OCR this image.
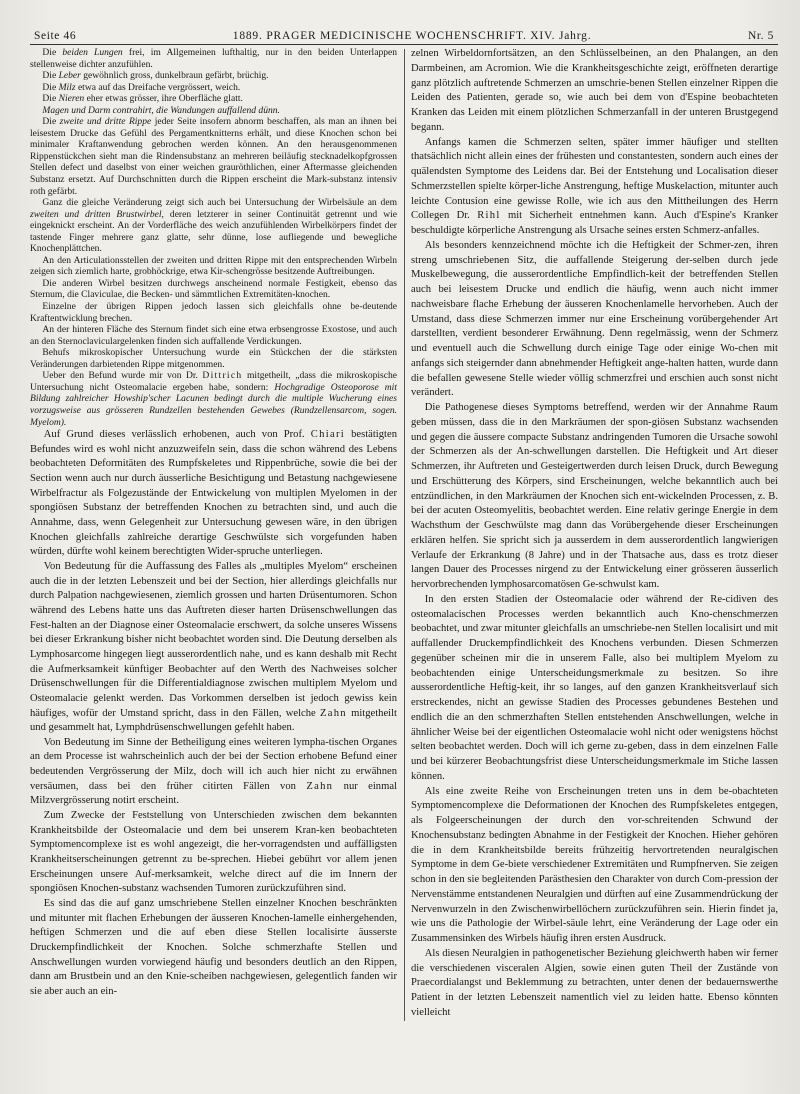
Seite 46	1889. PRAGER MEDICINISCHE WOCHENSCHRIFT. XIV. Jahrg.	Nr. 5

Die beiden Lungen frei, im Allgemeinen lufthaltig, nur in den beiden Unterlappen stellenweise dichter anzufühlen.

Die Leber gewöhnlich gross, dunkelbraun gefärbt, brüchig.

Die Milz etwa auf das Dreifache vergrössert, weich.

Die Nieren eher etwas grösser, ihre Oberfläche glatt.

Magen und Darm contrahirt, die Wandungen auffallend dünn.

Die zweite und dritte Rippe jeder Seite insofern abnorm beschaffen, als man an ihnen bei leisestem Drucke das Gefühl des Pergamentknitterns erhält, und diese Knochen schon bei minimaler Kraftanwendung gebrochen werden können. An den herausgenommenen Rippenstückchen sieht man die Rindensubstanz an mehreren beiläufig stecknadelkopfgrossen Stellen defect und daselbst von einer weichen grauröthlichen, einer Aftermasse gleichenden Substanz ersetzt. Auf Durchschnitten durch die Rippen erscheint die Mark-substanz intensiv roth gefärbt.

Ganz die gleiche Veränderung zeigt sich auch bei Untersuchung der Wirbelsäule an dem zweiten und dritten Brustwirbel, deren letzterer in seiner Continuität getrennt und wie eingeknickt erscheint. An der Vorderfläche des weich anzufühlenden Wirbelkörpers findet der tastende Finger mehrere ganz glatte, sehr dünne, lose aufliegende und bewegliche Knochenplättchen.

An den Articulationsstellen der zweiten und dritten Rippe mit den entsprechenden Wirbeln zeigen sich ziemlich harte, grobhöckrige, etwa Kir-schengrösse besitzende Auftreibungen.

Die anderen Wirbel besitzen durchwegs anscheinend normale Festigkeit, ebenso das Sternum, die Claviculae, die Becken- und sämmtlichen Extremitäten-knochen.

Einzelne der übrigen Rippen jedoch lassen sich gleichfalls ohne be-deutende Kraftentwicklung brechen.

An der hinteren Fläche des Sternum findet sich eine etwa erbsengrosse Exostose, und auch an den Sternoclaviculargelenken finden sich auffallende Verdickungen.

Behufs mikroskopischer Untersuchung wurde ein Stückchen der die stärksten Veränderungen darbietenden Rippe mitgenommen.

Ueber den Befund wurde mir von Dr. Dittrich mitgetheilt, „dass die mikroskopische Untersuchung nicht Osteomalacie ergeben habe, sondern: Hochgradige Osteoporose mit Bildung zahlreicher Howship'scher Lacunen bedingt durch die multiple Wucherung eines vorzugsweise aus grösseren Rundzellen bestehenden Gewebes (Rundzellensarcom, sogen. Myelom).

Auf Grund dieses verlässlich erhobenen, auch von Prof. Chiari bestätigten Befundes wird es wohl nicht anzuzweifeln sein, dass die schon während des Lebens beobachteten Deformitäten des Rumpfskeletes und Rippenbrüche, sowie die bei der Section wenn auch nur durch äusserliche Besichtigung und Betastung nachgewiesene Wirbelfractur als Folgezustände der Entwickelung von multiplen Myelomen in der spongiösen Substanz der betreffenden Knochen zu betrachten sind, und auch die Annahme, dass, wenn Gelegenheit zur Untersuchung gewesen wäre, in den übrigen Knochen gleichfalls zahlreiche derartige Geschwülste sich vorgefunden haben würden, dürfte wohl keinem berechtigten Wider-spruche unterliegen.

Von Bedeutung für die Auffassung des Falles als „multiples Myelom“ erscheinen auch die in der letzten Lebenszeit und bei der Section, hier allerdings gleichfalls nur durch Palpation nachgewiesenen, ziemlich grossen und harten Drüsentumoren. Schon während des Lebens hatte uns das Auftreten dieser harten Drüsenschwellungen das Fest-halten an der Diagnose einer Osteomalacie erschwert, da solche unseres Wissens bei dieser Erkrankung bisher nicht beobachtet worden sind. Die Deutung derselben als Lymphosarcome hingegen liegt ausserordentlich nahe, und es kann deshalb mit Recht die Aufmerksamkeit künftiger Beobachter auf den Werth des Nachweises solcher Drüsenschwellungen für die Differentialdiagnose zwischen multiplem Myelom und Osteomalacie gelenkt werden. Das Vorkommen derselben ist jedoch gewiss kein häufiges, wofür der Umstand spricht, dass in den Fällen, welche Zahn mitgetheilt und gesammelt hat, Lymphdrüsenschwellungen gefehlt haben.

Von Bedeutung im Sinne der Betheiligung eines weiteren lympha-tischen Organes an dem Processe ist wahrscheinlich auch der bei der Section erhobene Befund einer bedeutenden Vergrösserung der Milz, doch will ich auch hier nicht zu erwähnen versäumen, dass bei den früher citirten Fällen von Zahn nur einmal Milzvergrösserung notirt erscheint.

Zum Zwecke der Feststellung von Unterschieden zwischen dem bekannten Krankheitsbilde der Osteomalacie und dem bei unserem Kran-ken beobachteten Symptomencomplexe ist es wohl angezeigt, die her-vorragendsten und auffälligsten Krankheitserscheinungen getrennt zu be-sprechen. Hiebei gebührt vor allem jenen Erscheinungen unsere Auf-merksamkeit, welche direct auf die im Innern der spongiösen Knochen-substanz wachsenden Tumoren zurückzuführen sind.

Es sind das die auf ganz umschriebene Stellen einzelner Knochen beschränkten und mitunter mit flachen Erhebungen der äusseren Knochen-lamelle einhergehenden, heftigen Schmerzen und die auf eben diese Stellen localisirte äusserste Druckempfindlichkeit der Knochen. Solche schmerzhafte Stellen und Anschwellungen wurden vorwiegend häufig und besonders deutlich an den Rippen, dann am Brustbein und an den Knie-scheiben nachgewiesen, gelegentlich fanden wir sie aber auch an ein-

zelnen Wirbeldornfortsätzen, an den Schlüsselbeinen, an den Phalangen, an den Darmbeinen, am Acromion. Wie die Krankheitsgeschichte zeigt, eröffneten derartige ganz plötzlich auftretende Schmerzen an umschrie-benen Stellen einzelner Rippen die Leiden des Patienten, gerade so, wie auch bei dem von d'Espine beobachteten Kranken das Leiden mit einem plötzlichen Schmerzanfall in der unteren Brustgegend begann.

Anfangs kamen die Schmerzen selten, später immer häufiger und stellten thatsächlich nicht allein eines der frühesten und constantesten, sondern auch eines der quälendsten Symptome des Leidens dar. Bei der Entstehung und Localisation dieser Schmerzstellen spielte körper-liche Anstrengung, heftige Muskelaction, mitunter auch leichte Contusion eine gewisse Rolle, wie ich aus den Mittheilungen des Herrn Collegen Dr. Rihl mit Sicherheit entnehmen kann. Auch d'Espine's Kranker beschuldigte körperliche Anstrengung als Ursache seines ersten Schmerz-anfalles.

Als besonders kennzeichnend möchte ich die Heftigkeit der Schmer-zen, ihren streng umschriebenen Sitz, die auffallende Steigerung der-selben durch jede Muskelbewegung, die ausserordentliche Empfindlich-keit der betreffenden Stellen auch bei leisestem Drucke und endlich die häufig, wenn auch nicht immer nachweisbare flache Erhebung der äusseren Knochenlamelle hervorheben. Auch der Umstand, dass diese Schmerzen immer nur eine Erscheinung vorübergehender Art darstellten, verdient besonderer Erwähnung. Denn regelmässig, wenn der Schmerz und eventuell auch die Schwellung durch einige Tage oder einige Wo-chen mit anfangs sich steigernder dann abnehmender Heftigkeit ange-halten hatten, wurde dann die befallen gewesene Stelle wieder völlig schmerzfrei und erschien auch sonst nicht verändert.

Die Pathogenese dieses Symptoms betreffend, werden wir der Annahme Raum geben müssen, dass die in den Markräumen der spon-giösen Substanz wachsenden und gegen die äussere compacte Substanz andringenden Tumoren die Ursache sowohl der Schmerzen als der An-schwellungen darstellen. Die Heftigkeit und Art dieser Schmerzen, ihr Auftreten und Gesteigertwerden durch leisen Druck, durch Bewegung und Erschütterung des Körpers, sind Erscheinungen, welche bekanntlich auch bei entzündlichen, in den Markräumen der Knochen sich ent-wickelnden Processen, z. B. bei der acuten Osteomyelitis, beobachtet werden. Eine relativ geringe Energie in dem Wachsthum der Geschwülste mag dann das Vorübergehende dieser Erscheinungen erklären helfen. Sie spricht sich ja ausserdem in dem ausserordentlich langwierigen Verlaufe der Erkrankung (8 Jahre) und in der Thatsache aus, dass es trotz dieser langen Dauer des Processes nirgend zu der Entwickelung einer grösseren äusserlich hervorbrechenden lymphosarcomatösen Ge-schwulst kam.

In den ersten Stadien der Osteomalacie oder während der Re-cidiven des osteomalacischen Processes werden bekanntlich auch Kno-chenschmerzen beobachtet, und zwar mitunter gleichfalls an umschriebe-nen Stellen localisirt und mit auffallender Druckempfindlichkeit des Knochens verbunden. Diesen Schmerzen gegenüber scheinen mir die in unserem Falle, also bei multiplem Myelom zu beobachtenden einige Unterscheidungsmerkmale zu besitzen. So ihre ausserordentliche Heftig-keit, ihr so langes, auf den ganzen Krankheitsverlauf sich erstreckendes, nicht an gewisse Stadien des Processes gebundenes Bestehen und endlich die an den schmerzhaften Stellen entstehenden Anschwellungen, welche in ähnlicher Weise bei der eigentlichen Osteomalacie wohl nicht oder wenigstens höchst selten beobachtet werden. Doch will ich gerne zu-geben, dass in dem einzelnen Falle und bei kürzerer Beobachtungsfrist diese Unterscheidungsmerkmale im Stiche lassen können.

Als eine zweite Reihe von Erscheinungen treten uns in dem be-obachteten Symptomencomplexe die Deformationen der Knochen des Rumpfskeletes entgegen, als Folgeerscheinungen der durch den vor-schreitenden Schwund der Knochensubstanz bedingten Abnahme in der Festigkeit der Knochen. Hieher gehören die in dem Krankheitsbilde bereits frühzeitig hervortretenden neuralgischen Symptome in dem Ge-biete verschiedener Extremitäten und Rumpfnerven. Sie zeigen schon in den sie begleitenden Parästhesien den Charakter von durch Com-pression der Nervenstämme entstandenen Neuralgien und dürften auf eine Zusammendrückung der Nervenwurzeln in den Zwischenwirbellöchern zurückzuführen sein. Hierin findet ja, wie uns die Pathologie der Wirbel-säule lehrt, eine Veränderung der Lage oder ein Zusammensinken des Wirbels häufig ihren ersten Ausdruck.

Als diesen Neuralgien in pathogenetischer Beziehung gleichwerth haben wir ferner die verschiedenen visceralen Algien, sowie einen guten Theil der Zustände von Praecordialangst und Beklemmung zu betrachten, unter denen der bedauernswerthe Patient in der letzten Lebenszeit namentlich viel zu leiden hatte. Ebenso könnten vielleicht
